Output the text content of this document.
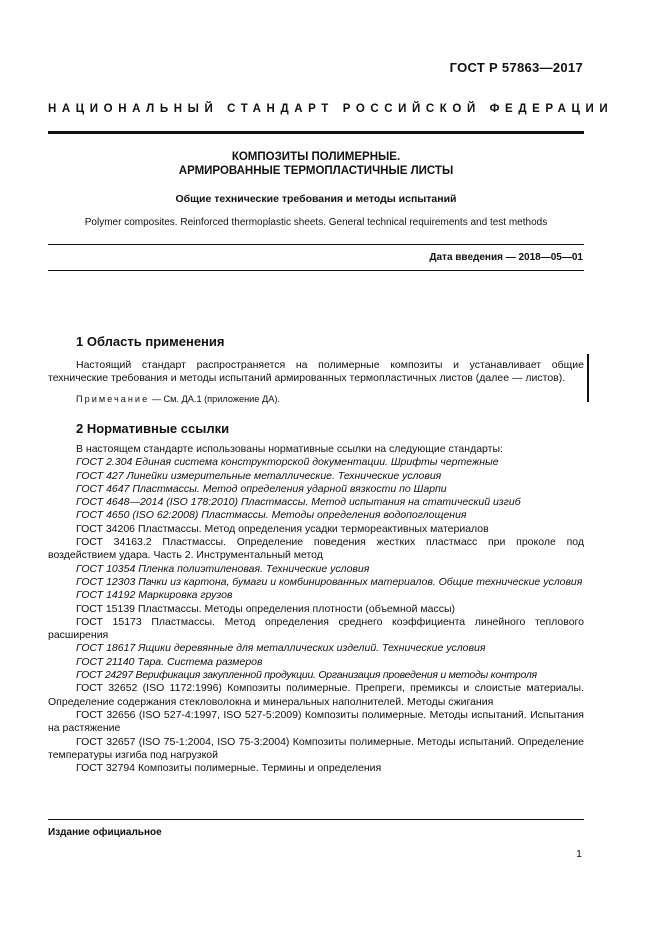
ГОСТ Р 57863—2017
НАЦИОНАЛЬНЫЙ СТАНДАРТ РОССИЙСКОЙ ФЕДЕРАЦИИ
КОМПОЗИТЫ ПОЛИМЕРНЫЕ.
АРМИРОВАННЫЕ ТЕРМОПЛАСТИЧНЫЕ ЛИСТЫ
Общие технические требования и методы испытаний
Polymer composites. Reinforced thermoplastic sheets. General technical requirements and test methods
Дата введения — 2018—05—01
1 Область применения
Настоящий стандарт распространяется на полимерные композиты и устанавливает общие технические требования и методы испытаний армированных термопластичных листов (далее — листов).
Примечание — См. ДА.1 (приложение ДА).
2 Нормативные ссылки
В настоящем стандарте использованы нормативные ссылки на следующие стандарты:
ГОСТ 2.304 Единая система конструкторской документации. Шрифты чертежные
ГОСТ 427 Линейки измерительные металлические. Технические условия
ГОСТ 4647 Пластмассы. Метод определения ударной вязкости по Шарпи
ГОСТ 4648—2014 (ISO 178:2010) Пластмассы. Метод испытания на статический изгиб
ГОСТ 4650 (ISO 62:2008) Пластмассы. Методы определения водопоглощения
ГОСТ 34206 Пластмассы. Метод определения усадки термореактивных материалов
ГОСТ 34163.2 Пластмассы. Определение поведения жестких пластмасс при проколе под воздействием удара. Часть 2. Инструментальный метод
ГОСТ 10354 Пленка полиэтиленовая. Технические условия
ГОСТ 12303 Пачки из картона, бумаги и комбинированных материалов. Общие технические условия
ГОСТ 14192 Маркировка грузов
ГОСТ 15139 Пластмассы. Методы определения плотности (объемной массы)
ГОСТ 15173 Пластмассы. Метод определения среднего коэффициента линейного теплового расширения
ГОСТ 18617 Ящики деревянные для металлических изделий. Технические условия
ГОСТ 21140 Тара. Система размеров
ГОСТ 24297 Верификация закупленной продукции. Организация проведения и методы контроля
ГОСТ 32652 (ISO 1172:1996) Композиты полимерные. Препреги, премиксы и слоистые материалы. Определение содержания стекловолокна и минеральных наполнителей. Методы сжигания
ГОСТ 32656 (ISO 527-4:1997, ISO 527-5:2009) Композиты полимерные. Методы испытаний. Испытания на растяжение
ГОСТ 32657 (ISO 75-1:2004, ISO 75-3:2004) Композиты полимерные. Методы испытаний. Определение температуры изгиба под нагрузкой
ГОСТ 32794 Композиты полимерные. Термины и определения
Издание официальное
1
